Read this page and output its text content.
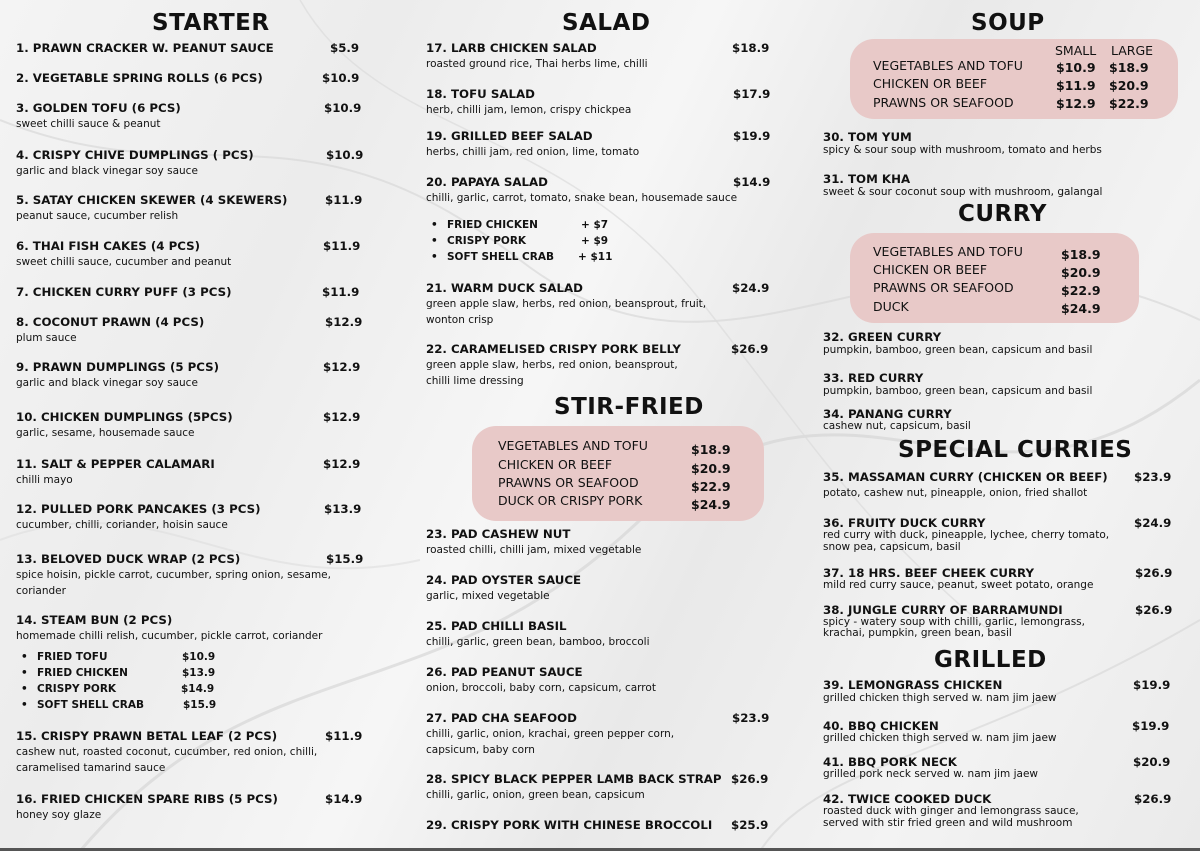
STARTER
1. PRAWN CRACKER W. PEANUT SAUCE	$5.9
2. VEGETABLE SPRING ROLLS (6 PCS)	$10.9
3. GOLDEN TOFU (6 PCS)	$10.9
sweet chilli sauce & peanut
4. CRISPY CHIVE DUMPLINGS ( PCS)	$10.9
garlic and black vinegar soy sauce
5. SATAY CHICKEN SKEWER (4 SKEWERS)	$11.9
peanut sauce, cucumber relish
6. THAI FISH CAKES (4 PCS)	$11.9
sweet chilli sauce, cucumber and peanut
7. CHICKEN CURRY PUFF (3 PCS)	$11.9
8. COCONUT PRAWN (4 PCS)	$12.9
plum sauce
9. PRAWN DUMPLINGS (5 PCS)	$12.9
garlic and black vinegar soy sauce
10. CHICKEN DUMPLINGS (5PCS)	$12.9
garlic, sesame, housemade sauce
11. SALT & PEPPER CALAMARI	$12.9
chilli mayo
12. PULLED PORK PANCAKES (3 PCS)	$13.9
cucumber, chilli, coriander, hoisin sauce
13. BELOVED DUCK WRAP (2 PCS)	$15.9
spice hoisin, pickle carrot, cucumber, spring onion, sesame,
coriander
14. STEAM BUN (2 PCS)
homemade chilli relish, cucumber, pickle carrot, coriander
• FRIED TOFU	$10.9
• FRIED CHICKEN	$13.9
• CRISPY PORK	$14.9
• SOFT SHELL CRAB	$15.9
15. CRISPY PRAWN BETAL LEAF (2 PCS)	$11.9
cashew nut, roasted coconut, cucumber, red onion, chilli,
caramelised tamarind sauce
16. FRIED CHICKEN SPARE RIBS (5 PCS)	$14.9
honey soy glaze
SALAD
17. LARB CHICKEN SALAD	$18.9
roasted ground rice, Thai herbs lime, chilli
18. TOFU SALAD	$17.9
herb, chilli jam, lemon, crispy chickpea
19. GRILLED BEEF SALAD	$19.9
herbs, chilli jam, red onion, lime, tomato
20. PAPAYA SALAD	$14.9
chilli, garlic, carrot, tomato, snake bean, housemade sauce
• FRIED CHICKEN	+ $7
• CRISPY PORK	+ $9
• SOFT SHELL CRAB + $11
21. WARM DUCK SALAD	$24.9
green apple slaw, herbs, red onion, beansprout, fruit,
wonton crisp
22. CARAMELISED CRISPY PORK BELLY	$26.9
green apple slaw, herbs, red onion, beansprout,
chilli lime dressing
STIR-FRIED
VEGETABLES AND TOFU	$18.9
CHICKEN OR BEEF	$20.9
PRAWNS OR SEAFOOD	$22.9
DUCK OR CRISPY PORK	$24.9
23. PAD CASHEW NUT
roasted chilli, chilli jam, mixed vegetable
24. PAD OYSTER SAUCE
garlic, mixed vegetable
25. PAD CHILLI BASIL
chilli, garlic, green bean, bamboo, broccoli
26. PAD PEANUT SAUCE
onion, broccoli, baby corn, capsicum, carrot
27. PAD CHA SEAFOOD	$23.9
chilli, garlic, onion, krachai, green pepper corn,
capsicum, baby corn
28. SPICY BLACK PEPPER LAMB BACK STRAP $26.9
chilli, garlic, onion, green bean, capsicum
29. CRISPY PORK WITH CHINESE BROCCOLI $25.9
SOUP
SMALL LARGE
VEGETABLES AND TOFU	$10.9 $18.9
CHICKEN OR BEEF	$11.9 $20.9
PRAWNS OR SEAFOOD	$12.9 $22.9
30. TOM YUM
spicy & sour soup with mushroom, tomato and herbs
31. TOM KHA
sweet & sour coconut soup with mushroom, galangal
CURRY
VEGETABLES AND TOFU	$18.9
CHICKEN OR BEEF	$20.9
PRAWNS OR SEAFOOD	$22.9
DUCK	$24.9
32. GREEN CURRY
pumpkin, bamboo, green bean, capsicum and basil
33. RED CURRY
pumpkin, bamboo, green bean, capsicum and basil
34. PANANG CURRY
cashew nut, capsicum, basil
SPECIAL CURRIES
35. MASSAMAN CURRY (CHICKEN OR BEEF) $23.9
potato, cashew nut, pineapple, onion, fried shallot
36. FRUITY DUCK CURRY	$24.9
red curry with duck, pineapple, lychee, cherry tomato,
snow pea, capsicum, basil
37. 18 HRS. BEEF CHEEK CURRY	$26.9
mild red curry sauce, peanut, sweet potato, orange
38. JUNGLE CURRY OF BARRAMUNDI	$26.9
spicy - watery soup with chilli, garlic, lemongrass,
krachai, pumpkin, green bean, basil
GRILLED
39. LEMONGRASS CHICKEN	$19.9
grilled chicken thigh served w. nam jim jaew
40. BBQ CHICKEN	$19.9
grilled chicken thigh served w. nam jim jaew
41. BBQ PORK NECK	$20.9
grilled pork neck served w. nam jim jaew
42. TWICE COOKED DUCK	$26.9
roasted duck with ginger and lemongrass sauce,
served with stir fried green and wild mushroom
